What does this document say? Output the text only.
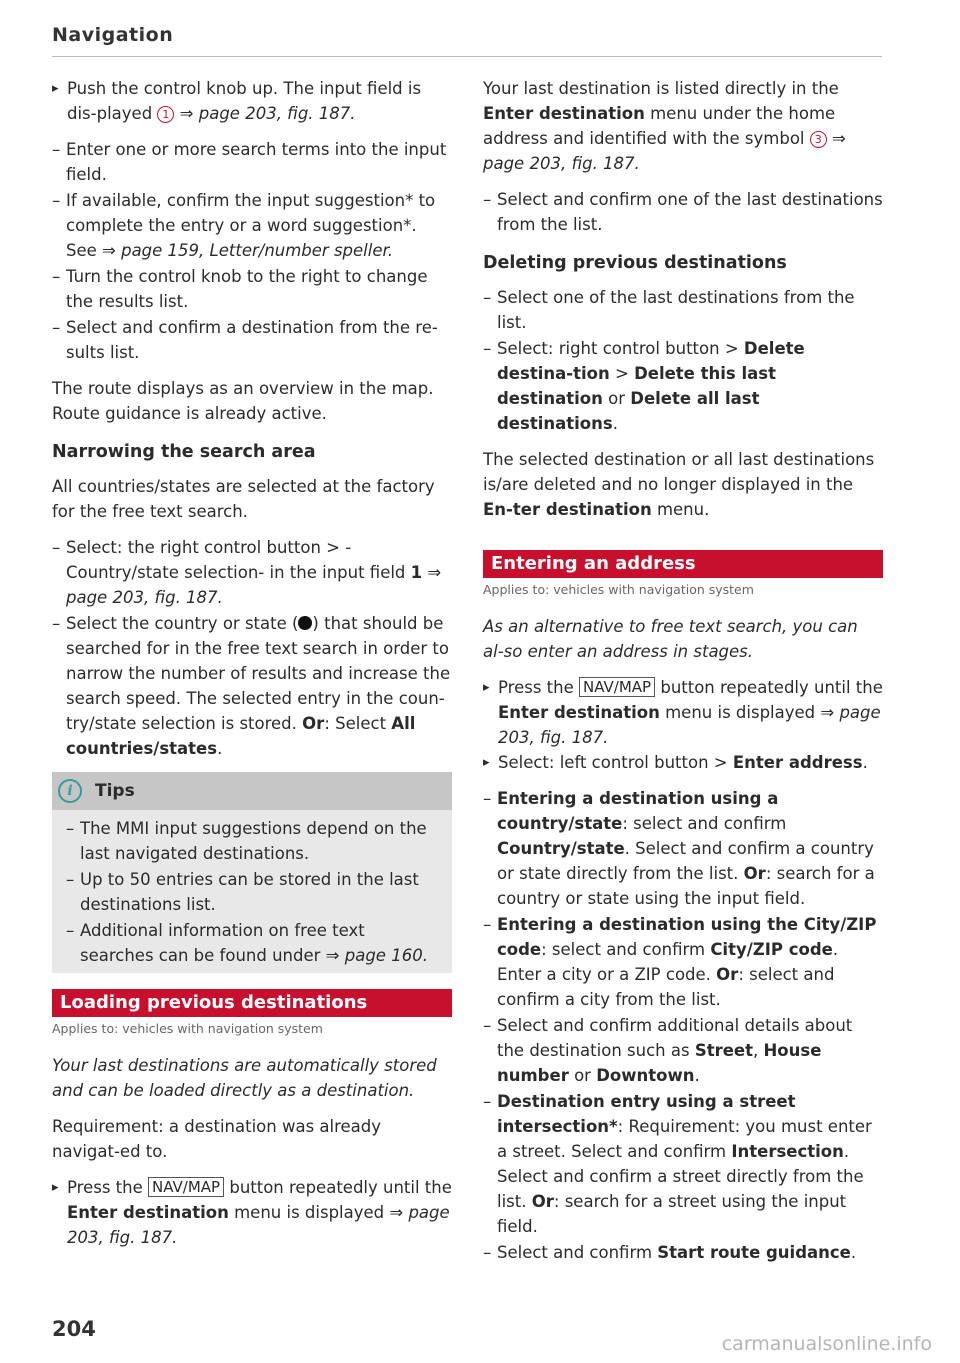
Navigation
▸ Push the control knob up. The input field is dis-played 1 ⇒ page 203, fig. 187.
– Enter one or more search terms into the input field.
– If available, confirm the input suggestion* to complete the entry or a word suggestion*. See ⇒ page 159, Letter/number speller.
– Turn the control knob to the right to change the results list.
– Select and confirm a destination from the re-sults list.

The route displays as an overview in the map. Route guidance is already active.

Narrowing the search area

All countries/states are selected at the factory for the free text search.

– Select: the right control button > -Country/state selection- in the input field 1 ⇒ page 203, fig. 187.
– Select the country or state ( ) that should be searched for in the free text search in order to narrow the number of results and increase the search speed. The selected entry in the coun-try/state selection is stored. Or: Select All countries/states.
i	Tips
– The MMI input suggestions depend on the last navigated destinations.
– Up to 50 entries can be stored in the last destinations list.
– Additional information on free text searches can be found under ⇒ page 160.
Loading previous destinations
Applies to: vehicles with navigation system

Your last destinations are automatically stored and can be loaded directly as a destination.

Requirement: a destination was already navigat-ed to.

▸ Press the NAV/MAP button repeatedly until the Enter destination menu is displayed ⇒ page 203, fig. 187.

Your last destination is listed directly in the Enter destination menu under the home address and identified with the symbol 3 ⇒ page 203, fig. 187.

– Select and confirm one of the last destinations from the list.
Deleting previous destinations
– Select one of the last destinations from the list.
– Select: right control button > Delete destina-tion > Delete this last destination or Delete all last destinations.

The selected destination or all last destinations is/are deleted and no longer displayed in the En-ter destination menu.

Entering an address
Applies to: vehicles with navigation system

As an alternative to free text search, you can al-so enter an address in stages.

▸ Press the NAV/MAP button repeatedly until the Enter destination menu is displayed ⇒ page 203, fig. 187.
▸ Select: left control button > Enter address.
– Entering a destination using a country/state: select and confirm Country/state. Select and confirm a country or state directly from the list. Or: search for a country or state using the input field.
– Entering a destination using the City/ZIP code: select and confirm City/ZIP code. Enter a city or a ZIP code. Or: select and confirm a city from the list.
– Select and confirm additional details about the destination such as Street, House number or Downtown.
– Destination entry using a street intersection*: Requirement: you must enter a street. Select and confirm Intersection. Select and confirm a street directly from the list. Or: search for a street using the input field.
– Select and confirm Start route guidance.
204
carmanualsonline.info
